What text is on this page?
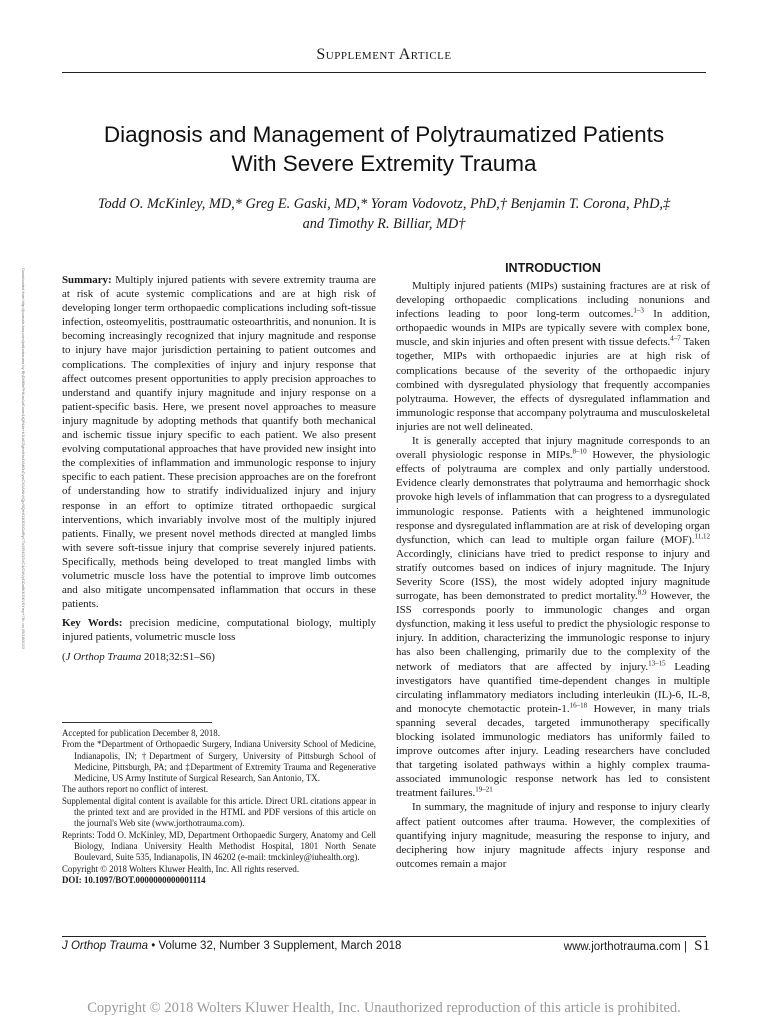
Supplement Article
Diagnosis and Management of Polytraumatized Patients
With Severe Extremity Trauma
Todd O. McKinley, MD,* Greg E. Gaski, MD,* Yoram Vodovotz, PhD,† Benjamin T. Corona, PhD,‡
and Timothy R. Billiar, MD†
Downloaded from http://journals.lww.com/jorthotrauma by BhDMf5ePHKav1zEoum1tQfN4a+kJLhEZgbsIHo4XMi0hCywCX1AWnYQp/IlQrHD3i3D0OdRyi7TvSFl4Cf3VC4/OAVpDDa8KKGKV0Ymy+78= on 05/18/2023	Summary: Multiply injured patients with severe extremity trauma are at risk of acute systemic complications and are at high risk of developing longer term orthopaedic complications including soft-tissue infection, osteomyelitis, posttraumatic osteoarthritis, and nonunion. It is becoming increasingly recognized that injury magnitude and response to injury have major jurisdiction pertaining to patient outcomes and complications. The complexities of injury and injury response that affect outcomes present opportunities to apply precision approaches to understand and quantify injury magnitude and injury response on a patient-specific basis. Here, we present novel approaches to measure injury magnitude by adopting methods that quantify both mechanical and ischemic tissue injury specific to each patient. We also present evolving computational approaches that have provided new insight into the complexities of inflammation and immunologic response to injury specific to each patient. These precision approaches are on the forefront of understanding how to stratify individualized injury and injury response in an effort to optimize titrated orthopaedic surgical interventions, which invariably involve most of the multiply injured patients. Finally, we present novel methods directed at mangled limbs with severe soft-tissue injury that comprise severely injured patients. Specifically, methods being developed to treat mangled limbs with volumetric muscle loss have the potential to improve limb outcomes and also mitigate uncompensated inflammation that occurs in these patients.

Key Words: precision medicine, computational biology, multiply injured patients, volumetric muscle loss

(J Orthop Trauma 2018;32:S1–S6)

Accepted for publication December 8, 2018.

From the *Department of Orthopaedic Surgery, Indiana University School of Medicine, Indianapolis, IN; †Department of Surgery, University of Pittsburgh School of Medicine, Pittsburgh, PA; and ‡Department of Extremity Trauma and Regenerative Medicine, US Army Institute of Surgical Research, San Antonio, TX.

The authors report no conflict of interest.

Supplemental digital content is available for this article. Direct URL citations appear in the printed text and are provided in the HTML and PDF versions of this article on the journal's Web site (www.jorthotrauma.com).

Reprints: Todd O. McKinley, MD, Department Orthopaedic Surgery, Anatomy and Cell Biology, Indiana University Health Methodist Hospital, 1801 North Senate Boulevard, Suite 535, Indianapolis, IN 46202 (e-mail: tmckinley@iuhealth.org).

Copyright © 2018 Wolters Kluwer Health, Inc. All rights reserved.

DOI: 10.1097/BOT.0000000000001114

INTRODUCTION

Multiply injured patients (MIPs) sustaining fractures are at risk of developing orthopaedic complications including nonunions and infections leading to poor long-term outcomes.$^{1-3}$ In addition, orthopaedic wounds in MIPs are typically severe with complex bone, muscle, and skin injuries and often present with tissue defects.$^{4-7}$ Taken together, MIPs with orthopaedic injuries are at high risk of complications because of the severity of the orthopaedic injury combined with dysregulated physiology that frequently accompanies polytrauma. However, the effects of dysregulated inflammation and immunologic response that accompany polytrauma and musculoskeletal injuries are not well delineated.

It is generally accepted that injury magnitude corresponds to an overall physiologic response in MIPs.$^{8-10}$ However, the physiologic effects of polytrauma are complex and only partially understood. Evidence clearly demonstrates that polytrauma and hemorrhagic shock provoke high levels of inflammation that can progress to a dysregulated immunologic response. Patients with a heightened immunologic response and dysregulated inflammation are at risk of developing organ dysfunction, which can lead to multiple organ failure (MOF).$^{11,12}$ Accordingly, clinicians have tried to predict response to injury and stratify outcomes based on indices of injury magnitude. The Injury Severity Score (ISS), the most widely adopted injury magnitude surrogate, has been demonstrated to predict mortality.$^{8,9}$ However, the ISS corresponds poorly to immunologic changes and organ dysfunction, making it less useful to predict the physiologic response to injury. In addition, characterizing the immunologic response to injury has also been challenging, primarily due to the complexity of the network of mediators that are affected by injury.$^{13-15}$ Leading investigators have quantified time-dependent changes in multiple circulating inflammatory mediators including interleukin (IL)-6, IL-8, and monocyte chemotactic protein-1.$^{16-18}$ However, in many trials spanning several decades, targeted immunotherapy specifically blocking isolated immunologic mediators has uniformly failed to improve outcomes after injury. Leading researchers have concluded that targeting isolated pathways within a highly complex trauma-associated immunologic response network has led to consistent treatment failures.$^{19-21}$

In summary, the magnitude of injury and response to injury clearly affect patient outcomes after trauma. However, the complexities of quantifying injury magnitude, measuring the response to injury, and deciphering how injury magnitude affects injury response and outcomes remain a major

J Orthop Trauma • Volume 32, Number 3 Supplement, March 2018	www.jorthotrauma.com | S1
Copyright © 2018 Wolters Kluwer Health, Inc. Unauthorized reproduction of this article is prohibited.
